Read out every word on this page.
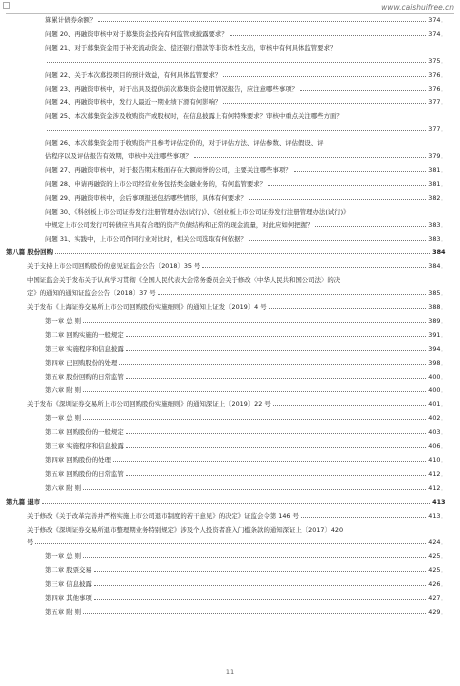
www.caishuifree.cn
算累计债券余额？	374 。
问题 20、再融资审核中对于募集资金投向有何监管或披露要求？	374 。
问题 21、对于募集资金用于补充流动资金、偿还银行借款等非资本性支出，审核中有何具体监管要求？
375 。
问题 22、关于本次募投项目的预计效益，有何具体监管要求？	376 。
问题 23、再融资审核中，对于出具及提供前次募集资金使用情况报告，应注意哪些事项？	376 。
问题 24、再融资审核中，发行人最近一期业绩下滑有何影响？	377 。
问题 25、本次募集资金涉及收购资产或股权时，在信息披露上有何特殊要求？审核中重点关注哪些方面？
377 。
问题 26、本次募集资金用于收购资产且参考评估定价的，对于评估方法、评估参数、评估假设、评
估程序以及评估报告有效期，审核中关注哪些事项？	379 。
问题 27、再融资审核中，对于报告期末账面存在大额商誉的公司，主要关注哪些事项？	381 。
问题 28、申请再融资的上市公司经营业务包括类金融业务的，有何监管要求？	381 。
问题 29、再融资审核中，会后事项报送包括哪些情形，具体有何要求？	382 。
问题 30、《科创板上市公司证券发行注册管理办法(试行)》、《创业板上市公司证券发行注册管理办法(试行)》
中规定上市公司发行可转债应当具有合理的资产负债结构和正常的现金流量，对此应如何把握？	383 。
问题 31、实践中，上市公司作同行业对比时，相关公司选取有何依据？	383 。
第八篇 股份回购	384
关于支持上市公司回购股份的意见证监会公告〔2018〕35 号	384 。
中国证监会关于发布关于认真学习贯彻《全国人民代表大会常务委员会关于修改〈中华人民共和国公司法〉的决
定》的通知的通知证监会公告〔2018〕37 号	385 。
关于发布《上海证券交易所上市公司回购股份实施细则》的通知上证发〔2019〕4 号	388 。
第一章 总 则	389 。
第二章 回购实施的一般规定	391 。
第三章 实施程序和信息披露	394 。
第四章 已回购股份的处理	398 。
第五章 股份回购的日常监管	400 。
第六章 附 则	400 。
关于发布《深圳证券交易所上市公司回购股份实施细则》的通知深证上〔2019〕22 号	401 。
第一章 总 则	402 。
第二章 回购股份的一般规定	403 。
第三章 实施程序和信息披露	406 。
第四章 回购股份的处理	410 。
第五章 回购股份的日常监管	412 。
第六章 附 则	412 。
第九篇 退市	413
关于修改《关于改革完善并严格实施上市公司退市制度的若干意见》的决定》证监会令第 146 号	413 。
关于修改《深圳证券交易所退市整理期业务特别规定》涉及个人投资者准入门槛条款的通知深证上〔2017〕420
号	424 。
第一章 总 则	425 。
第二章 股票交易	425 。
第三章 信息披露	426 。
第四章 其他事项	427 。
第五章 附 则	429 。
11
